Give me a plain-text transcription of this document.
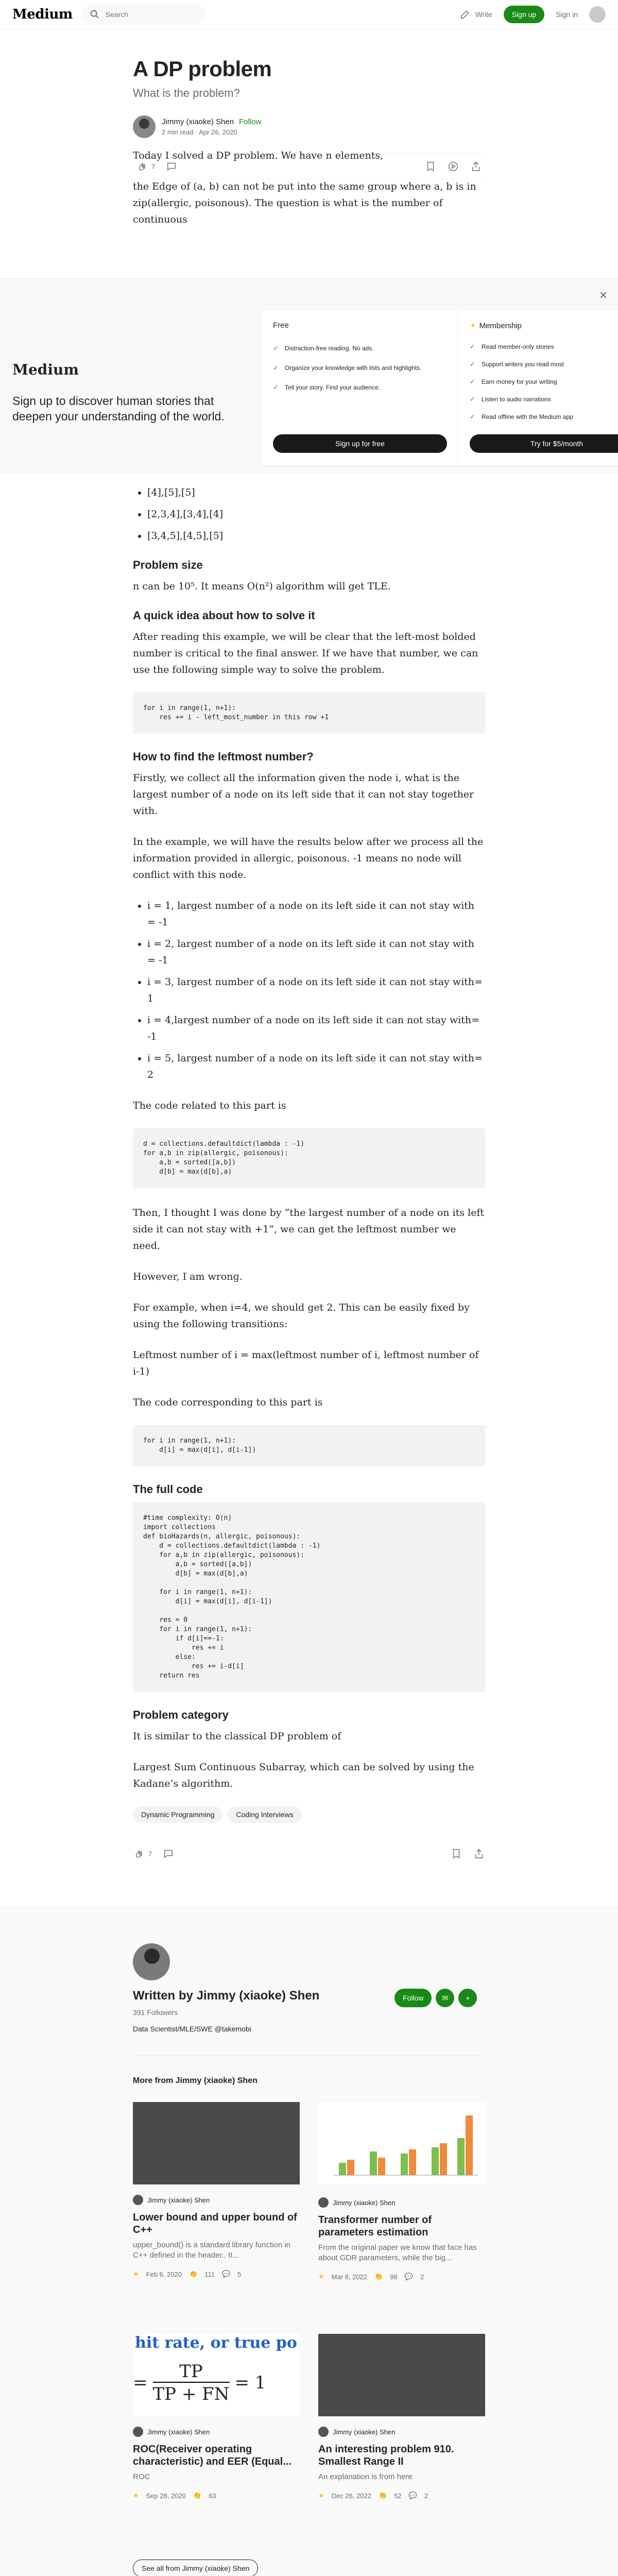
Medium
Search	Write	Sign up	Sign in
A DP problem
What is the problem?
Jimmy (xiaoke) Shen Follow
2 min read · Apr 26, 2020
7

Today I solved a DP problem. We have n elements,

the Edge of (a, b) can not be put into the same group where a, b is in zip(allergic, poisonous). The question is what is the number of continuous

✕
Medium
Sign up to discover human stories that deepen your understanding of the world.
Free
✓ Distraction-free reading. No ads.
✓ Organize your knowledge with lists and highlights.
✓ Tell your story. Find your audience.
Sign up for free
✦ Membership
✓ Read member-only stories
✓ Support writers you read most
✓ Earn money for your writing
✓ Listen to audio narrations
✓ Read offline with the Medium app
Try for $5/month
• [4],[5],[5]
• [2,3,4],[3,4],[4]
• [3,4,5],[4,5],[5]
Problem size

n can be 10⁵. It means O(n²) algorithm will get TLE.

A quick idea about how to solve it

After reading this example, we will be clear that the left-most bolded number is critical to the final answer. If we have that number, we can use the following simple way to solve the problem.

for i in range(1, n+1):
res += i - left_most_number in this row +1
How to find the leftmost number?

Firstly, we collect all the information given the node i, what is the largest number of a node on its left side that it can not stay together with.

In the example, we will have the results below after we process all the information provided in allergic, poisonous. -1 means no node will conflict with this node.

• i = 1, largest number of a node on its left side it can not stay with = -1
• i = 2, largest number of a node on its left side it can not stay with = -1
• i = 3, largest number of a node on its left side it can not stay with= 1
• i = 4,largest number of a node on its left side it can not stay with= -1
• i = 5, largest number of a node on its left side it can not stay with= 2

The code related to this part is

d = collections.defaultdict(lambda : -1)
for a,b in zip(allergic, poisonous):
a,b = sorted([a,b])
d[b] = max(d[b],a)

Then, I thought I was done by “the largest number of a node on its left side it can not stay with +1”, we can get the leftmost number we need.

However, I am wrong.

For example, when i=4, we should get 2. This can be easily fixed by using the following transitions:

Leftmost number of i = max(leftmost number of i, leftmost number of i-1)

The code corresponding to this part is

for i in range(1, n+1):
d[i] = max(d[i], d[i-1])
The full code
#time complexity: O(n)
import collections
def bioHazards(n, allergic, poisonous):
d = collections.defaultdict(lambda : -1)
for a,b in zip(allergic, poisonous):
a,b = sorted([a,b])
d[b] = max(d[b],a)

for i in range(1, n+1):
d[i] = max(d[i], d[i-1])

res = 0
for i in range(1, n+1):
if d[i]==-1:
res += i
else:
res += i-d[i]
return res
Problem category

It is similar to the classical DP problem of

Largest Sum Continuous Subarray, which can be solved by using the Kadane’s algorithm.

Dynamic Programming	Coding Interviews
7
Written by Jimmy (xiaoke) Shen
391 Followers
Data Scientist/MLE/SWE @takemobi
Follow	✉	+
More from Jimmy (xiaoke) Shen
Jimmy (xiaoke) Shen
Lower bound and upper bound of C++
upper_bound() is a standard library function in C++ defined in the header.. It...
★ Feb 6, 2020 👏 111 💬 5
Jimmy (xiaoke) Shen
Transformer number of parameters estimation
From the original paper we know that face has about GDR parameters, while the big...
★ Mar 8, 2022 👏 98 💬 2
hit rate, or true po
= $\frac{TP}{TP + FN} = 1$
Jimmy (xiaoke) Shen
ROC(Receiver operating characteristic) and EER (Equal...
ROC
★ Sep 28, 2020 👏 63
Jimmy (xiaoke) Shen
An interesting problem 910. Smallest Range II
An explanation is from here
★ Dec 26, 2022 👏 52 💬 2
See all from Jimmy (xiaoke) Shen
